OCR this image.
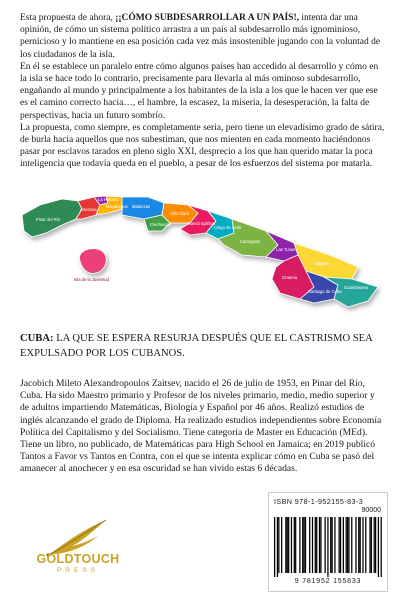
Esta propuesta de ahora, ¡¡CÓMO SUBDESARROLLAR A UN PAÍS!, intenta dar una opinión, de cómo un sistema político arrastra a un país al subdesarrollo más ignominioso, pernicioso y lo mantiene en esa posición cada vez más insostenible jugando con la voluntad de los ciudadanos de la isla.
En él se establece un paralelo entre cómo algunos países han accedido al desarrollo y cómo en la isla se hace todo lo contrario, precisamente para llevarla al más ominoso subdesarrollo, engañando al mundo y principalmente a los habitantes de la isla a los que le hacen ver que ese es el camino correcto hacia…, el hambre, la escasez, la miseria, la desesperación, la falta de perspectivas, hacia un futuro sombrío.
La propuesta, como siempre, es completamente seria, pero tiene un elevadísimo grado de sátira, de burla hacia aquellos que nos subestiman, que nos mienten en cada momento haciéndonos pasar por esclavos tarados en pleno siglo XXI, desprecio a los que han querido matar la poca inteligencia que todavía queda en el pueblo, a pesar de los esfuerzos del sistema por matarla.

Pinar del Río
Artemisa
La Habana
Mayabeque Matanzas
Cienfuegos
Villa Clara
Sancti Spíritus
Ciego de Ávila
Camagüey
Las Tunas
Holguín
Granma
Santiago de Cuba
Guantánamo
Isla de la Juventud

CUBA: LA QUE SE ESPERA RESURJA DESPUÉS QUE EL CASTRISMO SEA EXPULSADO POR LOS CUBANOS.

Jacobich Mileto Alexandropoulos Zaitsev, nacido el 26 de julio de 1953, en Pinar del Río, Cuba. Ha sido Maestro primario y Profesor de los niveles primario, medio, medio superior y de adultos impartiendo Matemáticas, Biología y Español por 46 años. Realizó estudios de inglés alcanzando el grado de Diploma. Ha realizado estudios independientes sobre Economía Política del Capitalismo y del Socialismo. Tiene categoría de Master en Educación (MEd). Tiene un libro, no publicado, de Matemáticas para High School en Jamaica; en 2019 publicó Tantos a Favor vs Tantos en Contra, con el que se intenta explicar cómo en Cuba se pasó del amanecer al anochecer y en esa oscuridad se han vivido estas 6 décadas.

GOLDTOUCH
PRESS
ISBN 978-1-952155-83-3
90000
9 781952 155833
